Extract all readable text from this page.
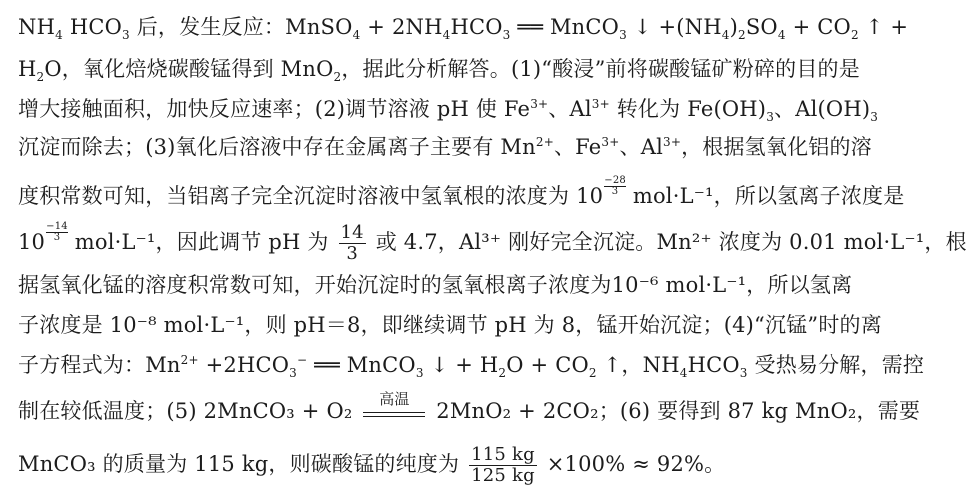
$NH_4$ $HCO_3$ 后，发生反应：MnSO$_4$ + $2NH_4HCO_3$ ══ MnCO$_3$ ↓ $+(NH_4)_2SO_4 + CO_2$ ↑ +
$H_2O$，氧化焙烧碳酸锰得到 MnO$_2$，据此分析解答。(1)“酸浸”前将碳酸锰矿粉碎的目的是
增大接触面积，加快反应速率；(2)调节溶液 pH 使 $Fe^{3+}$、$Al^{3+}$ 转化为 $Fe(OH)_3$、$Al(OH)_3$
沉淀而除去；(3)氧化后溶液中存在金属离子主要有 $Mn^{2+}$、$Fe^{3+}$、$Al^{3+}$，根据氢氧化铝的溶
度积常数可知，当铝离子完全沉淀时溶液中氢氧根的浓度为 $10 \frac{-28}{3} mol\cdot L^{-1}$，所以氢离子浓度是
$10 \frac{-14}{3} mol\cdot L^{-1}$，因此调节 pH 为 $\frac{14}{3}$ 或 4.7，Al³⁺ 刚好完全沉淀。Mn²⁺ 浓度为 0.01 mol·L⁻¹，根
据氢氧化锰的溶度积常数可知，开始沉淀时的氢氧根离子浓度为10⁻⁶ mol·L⁻¹，所以氢离
子浓度是 10⁻⁸ mol·L⁻¹，则 pH＝8，即继续调节 pH 为 8，锰开始沉淀；(4)“沉锰”时的离
子方程式为：$Mn^{2+} +2HCO_3^-$ ══ MnCO$_3$ ↓ + $H_2O + CO_2$ ↑，$NH_4HCO_3$ 受热易分解，需控
制在较低温度；(5) 2MnCO₃ + O₂
高温
2MnO₂ + 2CO₂；(6) 要得到 87 kg MnO₂，需要
MnCO₃ 的质量为 115 kg，则碳酸锰的纯度为 $\frac{115 kg}{125 kg} \times 100\% \approx 92\%$。
